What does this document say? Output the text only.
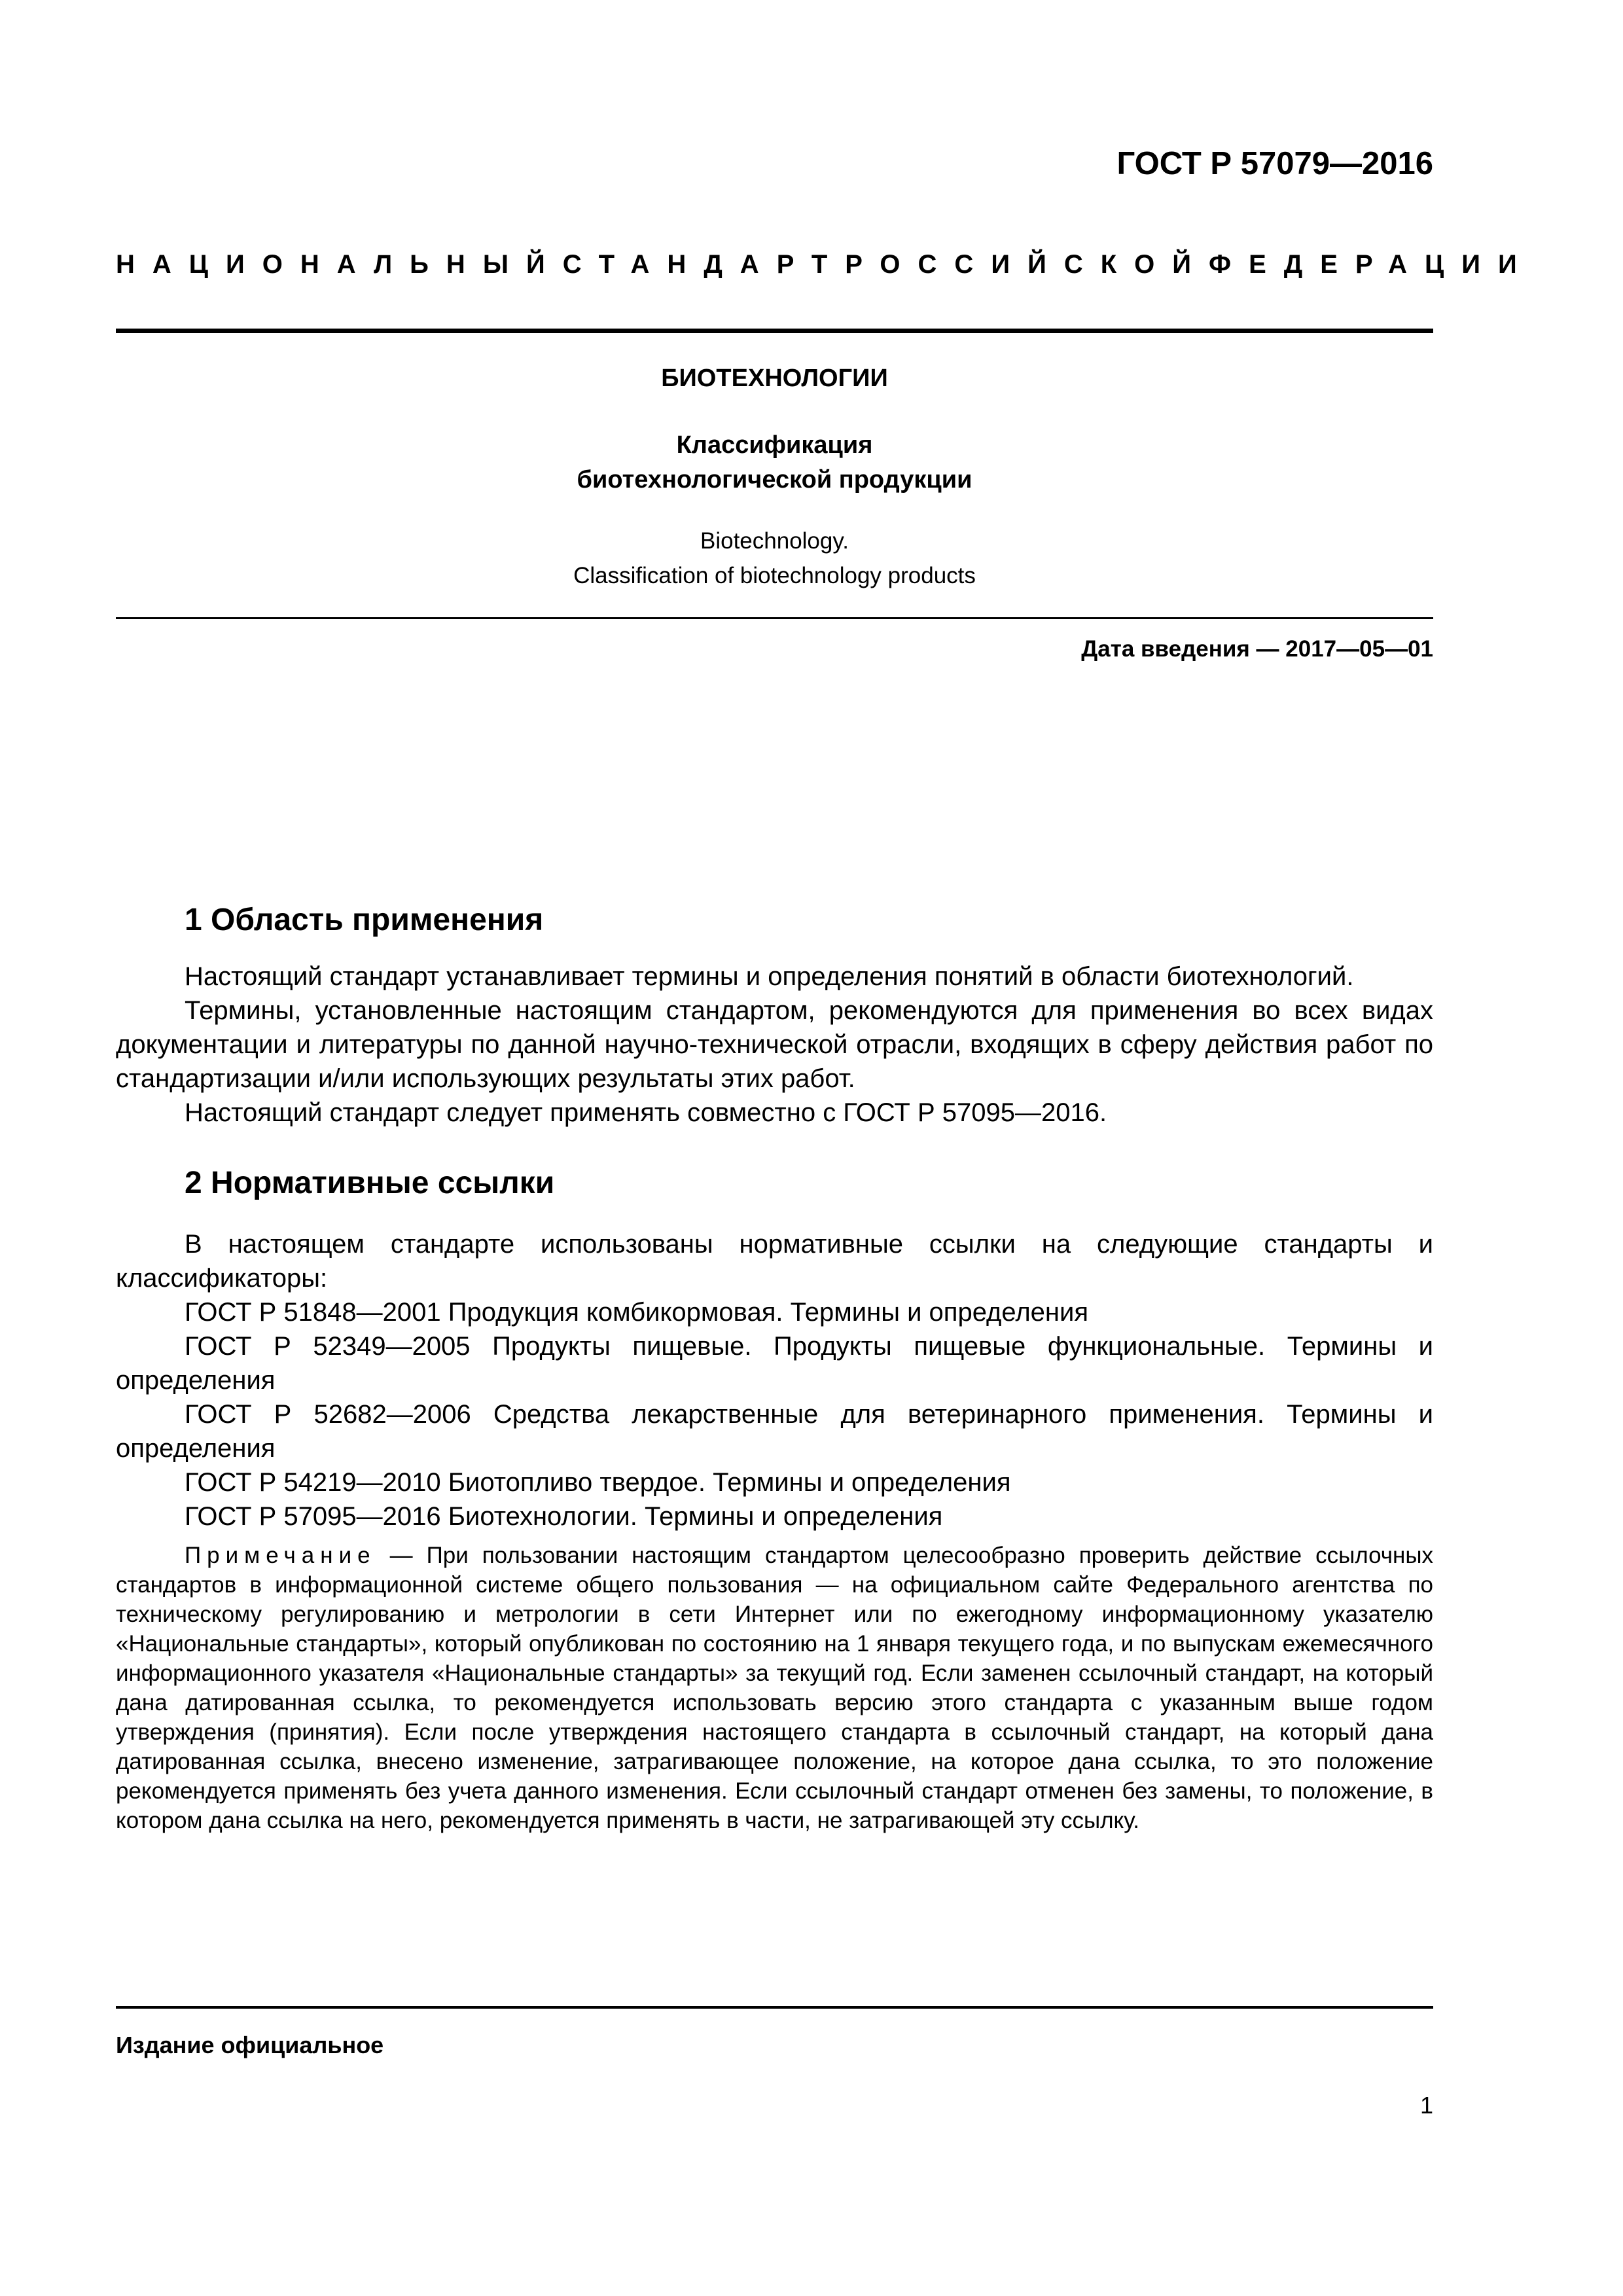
ГОСТ Р 57079—2016
НАЦИОНАЛЬНЫЙ СТАНДАРТ РОССИЙСКОЙ ФЕДЕРАЦИИ
БИОТЕХНОЛОГИИ
Классификация
биотехнологической продукции
Biotechnology.
Classification of biotechnology products
Дата введения — 2017—05—01
1 Область применения

Настоящий стандарт устанавливает термины и определения понятий в области биотехнологий.

Термины, установленные настоящим стандартом, рекомендуются для применения во всех видах документации и литературы по данной научно-технической отрасли, входящих в сферу действия работ по стандартизации и/или использующих результаты этих работ.

Настоящий стандарт следует применять совместно с ГОСТ Р 57095—2016.

2 Нормативные ссылки

В настоящем стандарте использованы нормативные ссылки на следующие стандарты и классификаторы:

ГОСТ Р 51848—2001 Продукция комбикормовая. Термины и определения

ГОСТ Р 52349—2005 Продукты пищевые. Продукты пищевые функциональные. Термины и определения

ГОСТ Р 52682—2006 Средства лекарственные для ветеринарного применения. Термины и определения

ГОСТ Р 54219—2010 Биотопливо твердое. Термины и определения

ГОСТ Р 57095—2016 Биотехнологии. Термины и определения

Примечание — При пользовании настоящим стандартом целесообразно проверить действие ссылочных стандартов в информационной системе общего пользования — на официальном сайте Федерального агентства по техническому регулированию и метрологии в сети Интернет или по ежегодному информационному указателю «Национальные стандарты», который опубликован по состоянию на 1 января текущего года, и по выпускам ежемесячного информационного указателя «Национальные стандарты» за текущий год. Если заменен ссылочный стандарт, на который дана датированная ссылка, то рекомендуется использовать версию этого стандарта с указанным выше годом утверждения (принятия). Если после утверждения настоящего стандарта в ссылочный стандарт, на который дана датированная ссылка, внесено изменение, затрагивающее положение, на которое дана ссылка, то это положение рекомендуется применять без учета данного изменения. Если ссылочный стандарт отменен без замены, то положение, в котором дана ссылка на него, рекомендуется применять в части, не затрагивающей эту ссылку.
Издание официальное
1
